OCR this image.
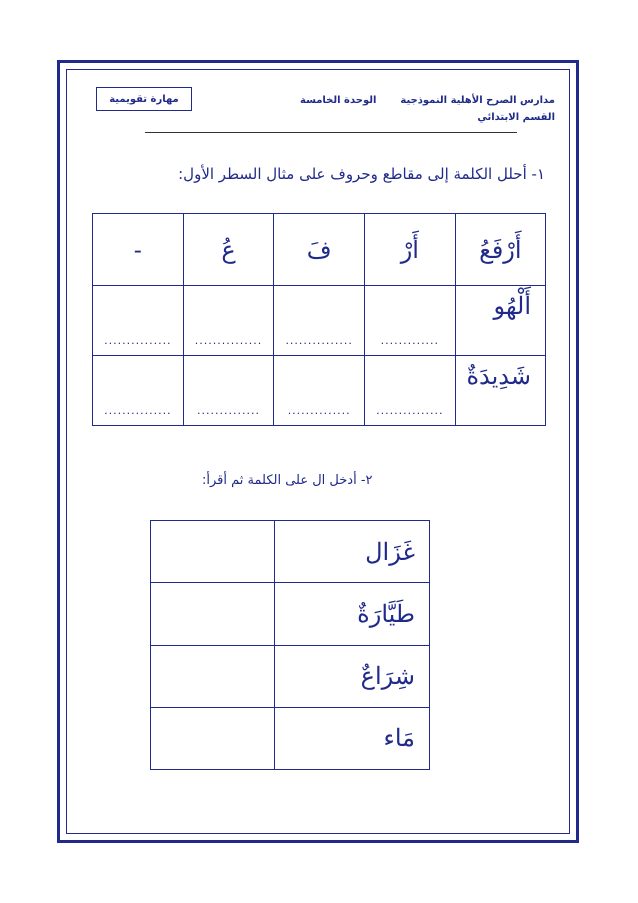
مدارس الصرح الأهلية النموذجية
القسم الابتدائي
الوحدة الخامسة
مهارة تقويمية
١- أحلل الكلمة إلى مقاطع وحروف على مثال السطر الأول:
أَرْفَعُ	أَرْ	فَ	عُ	-
أَلْهُو	.............	...............	...............	...............
شَدِيدَةٌ	...............	..............	..............	...............
٢- أدخل ال على الكلمة ثم أقرأ:
غَزَال	
طَيَّارَةٌ	
شِرَاعٌ	
مَاء	
